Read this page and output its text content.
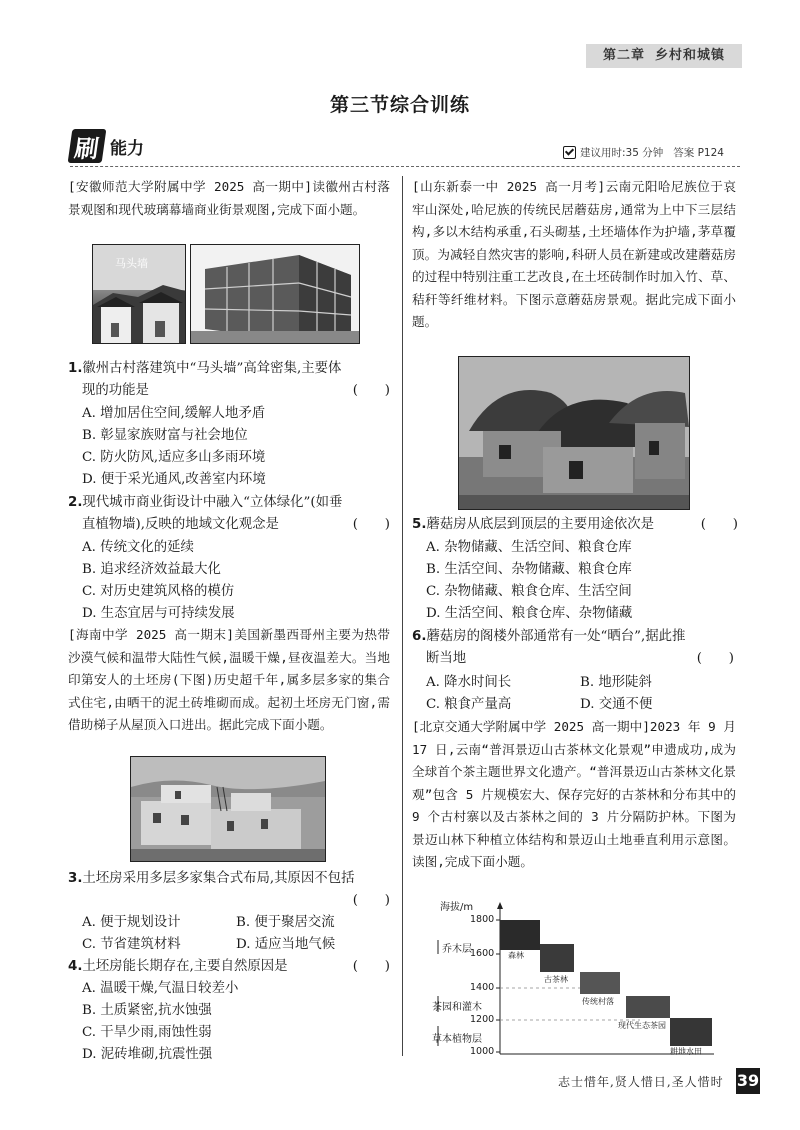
第二章 乡村和城镇
第三节综合训练
刷 能力	建议用时:35 分钟 答案 P124

[安徽师范大学附属中学 2025 高一期中]读徽州古村落景观图和现代玻璃幕墙商业街景观图,完成下面小题。

马头墙
1.徽州古村落建筑中“马头墙”高耸密集,主要体
现的功能是	(　　)
A. 增加居住空间,缓解人地矛盾
B. 彰显家族财富与社会地位
C. 防火防风,适应多山多雨环境
D. 便于采光通风,改善室内环境
2.现代城市商业街设计中融入“立体绿化”(如垂
直植物墙),反映的地域文化观念是	(　　)
A. 传统文化的延续
B. 追求经济效益最大化
C. 对历史建筑风格的模仿
D. 生态宜居与可持续发展

[海南中学 2025 高一期末]美国新墨西哥州主要为热带沙漠气候和温带大陆性气候,温暖干燥,昼夜温差大。当地印第安人的土坯房(下图)历史超千年,属多层多家的集合式住宅,由晒干的泥土砖堆砌而成。起初土坯房无门窗,需借助梯子从屋顶入口进出。据此完成下面小题。

3.土坯房采用多层多家集合式布局,其原因不包括
(　　)
A. 便于规划设计	B. 便于聚居交流
C. 节省建筑材料	D. 适应当地气候
4.土坯房能长期存在,主要自然原因是	(　　)
A. 温暖干燥,气温日较差小
B. 土质紧密,抗水蚀强
C. 干旱少雨,雨蚀性弱
D. 泥砖堆砌,抗震性强

[山东新泰一中 2025 高一月考]云南元阳哈尼族位于哀牢山深处,哈尼族的传统民居蘑菇房,通常为上中下三层结构,多以木结构承重,石头砌基,土坯墙体作为护墙,茅草覆顶。为减轻自然灾害的影响,科研人员在新建或改建蘑菇房的过程中特别注重工艺改良,在土坯砖制作时加入竹、草、秸秆等纤维材料。下图示意蘑菇房景观。据此完成下面小题。

5.蘑菇房从底层到顶层的主要用途依次是	(　　)
A. 杂物储藏、生活空间、粮食仓库
B. 生活空间、杂物储藏、粮食仓库
C. 杂物储藏、粮食仓库、生活空间
D. 生活空间、粮食仓库、杂物储藏
6.蘑菇房的阁楼外部通常有一处“晒台”,据此推
断当地	(　　)
A. 降水时间长	B. 地形陡斜
C. 粮食产量高	D. 交通不便

[北京交通大学附属中学 2025 高一期中]2023 年 9 月 17 日,云南“普洱景迈山古茶林文化景观”申遗成功,成为全球首个茶主题世界文化遗产。“普洱景迈山古茶林文化景观”包含 5 片规模宏大、保存完好的古茶林和分布其中的 9 个古村寨以及古茶林之间的 3 片分隔防护林。下图为景迈山林下种植立体结构和景迈山土地垂直利用示意图。读图,完成下面小题。

海拔/m
1800
1600
1400
1200
1000
乔木层
茶园和灌木
草本植物层
森林
古茶林
传统村落
现代生态茶园
耕地水田
志士惜年,贤人惜日,圣人惜时 39
